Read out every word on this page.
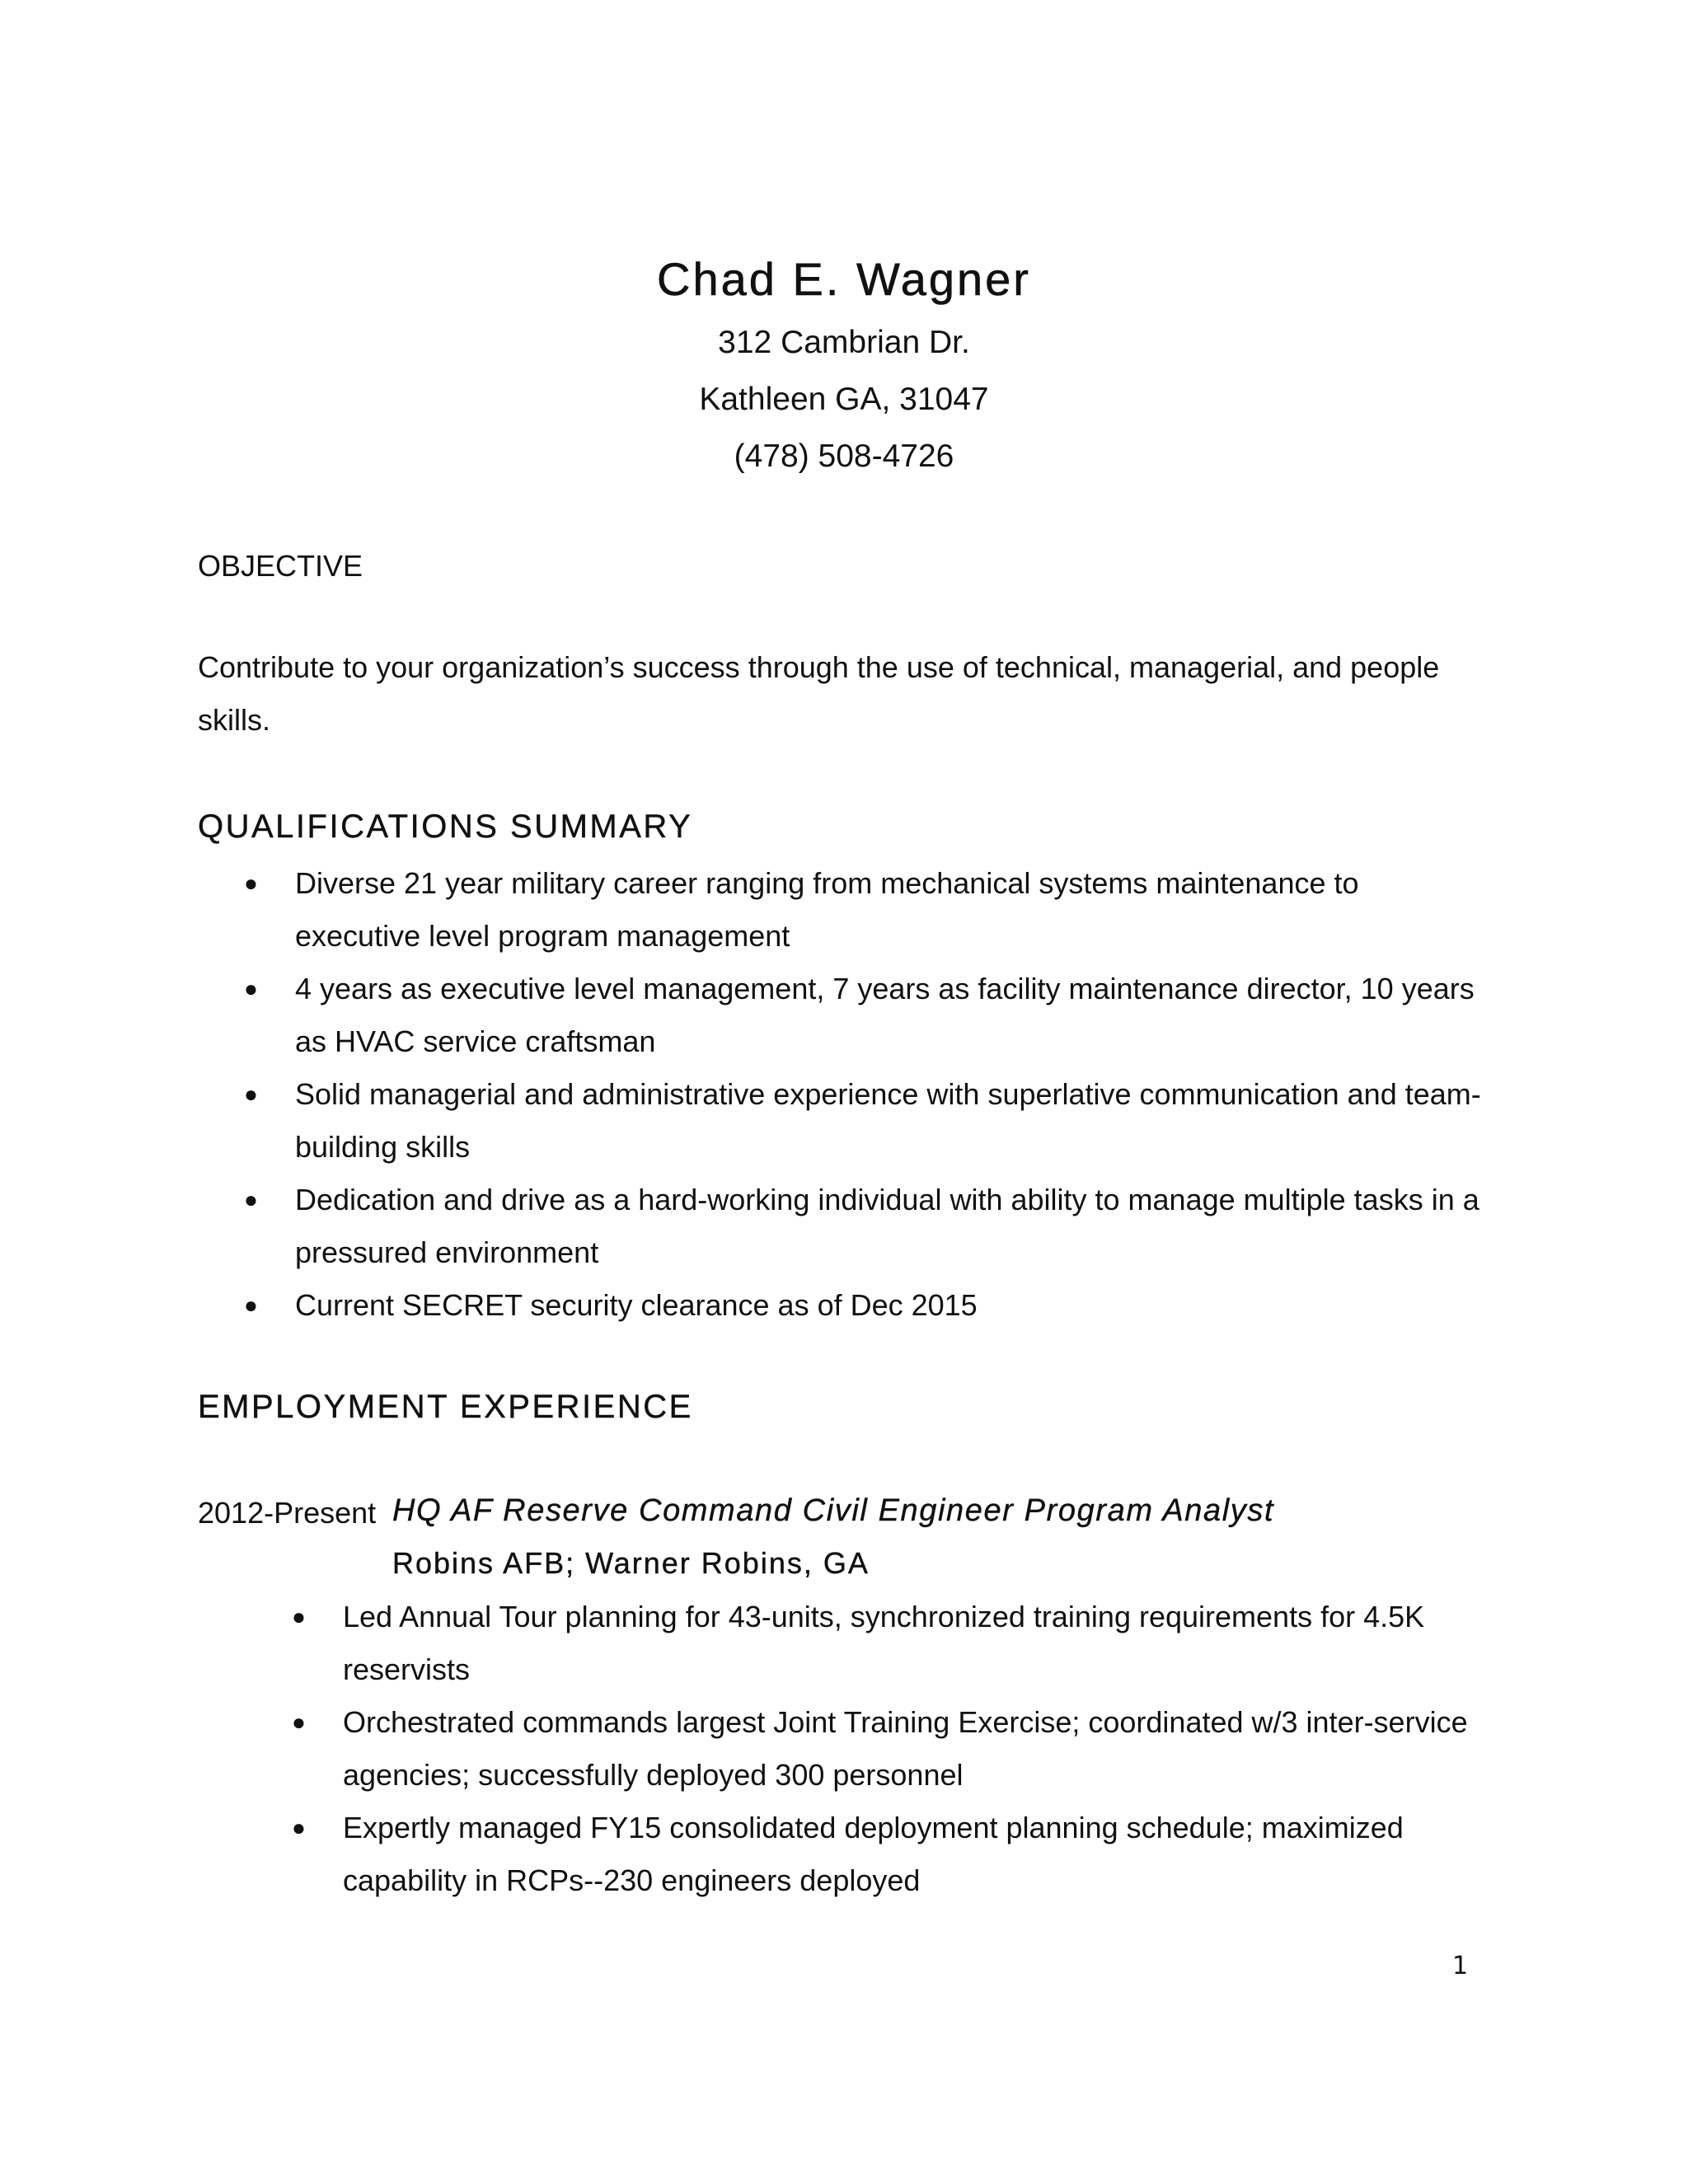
Chad E. Wagner
312 Cambrian Dr.
Kathleen GA, 31047
(478) 508-4726
OBJECTIVE
Contribute to your organization’s success through the use of technical, managerial, and people skills.
QUALIFICATIONS SUMMARY
● Diverse 21 year military career ranging from mechanical systems maintenance to executive level program management
● 4 years as executive level management, 7 years as facility maintenance director, 10 years as HVAC service craftsman
● Solid managerial and administrative experience with superlative communication and team-building skills
● Dedication and drive as a hard-working individual with ability to manage multiple tasks in a pressured environment
● Current SECRET security clearance as of Dec 2015
EMPLOYMENT EXPERIENCE
2012-Present HQ AF Reserve Command Civil Engineer Program Analyst
Robins AFB; Warner Robins, GA
● Led Annual Tour planning for 43-units, synchronized training requirements for 4.5K reservists
● Orchestrated commands largest Joint Training Exercise; coordinated w/3 inter-service agencies; successfully deployed 300 personnel
● Expertly managed FY15 consolidated deployment planning schedule; maximized capability in RCPs--230 engineers deployed
1
